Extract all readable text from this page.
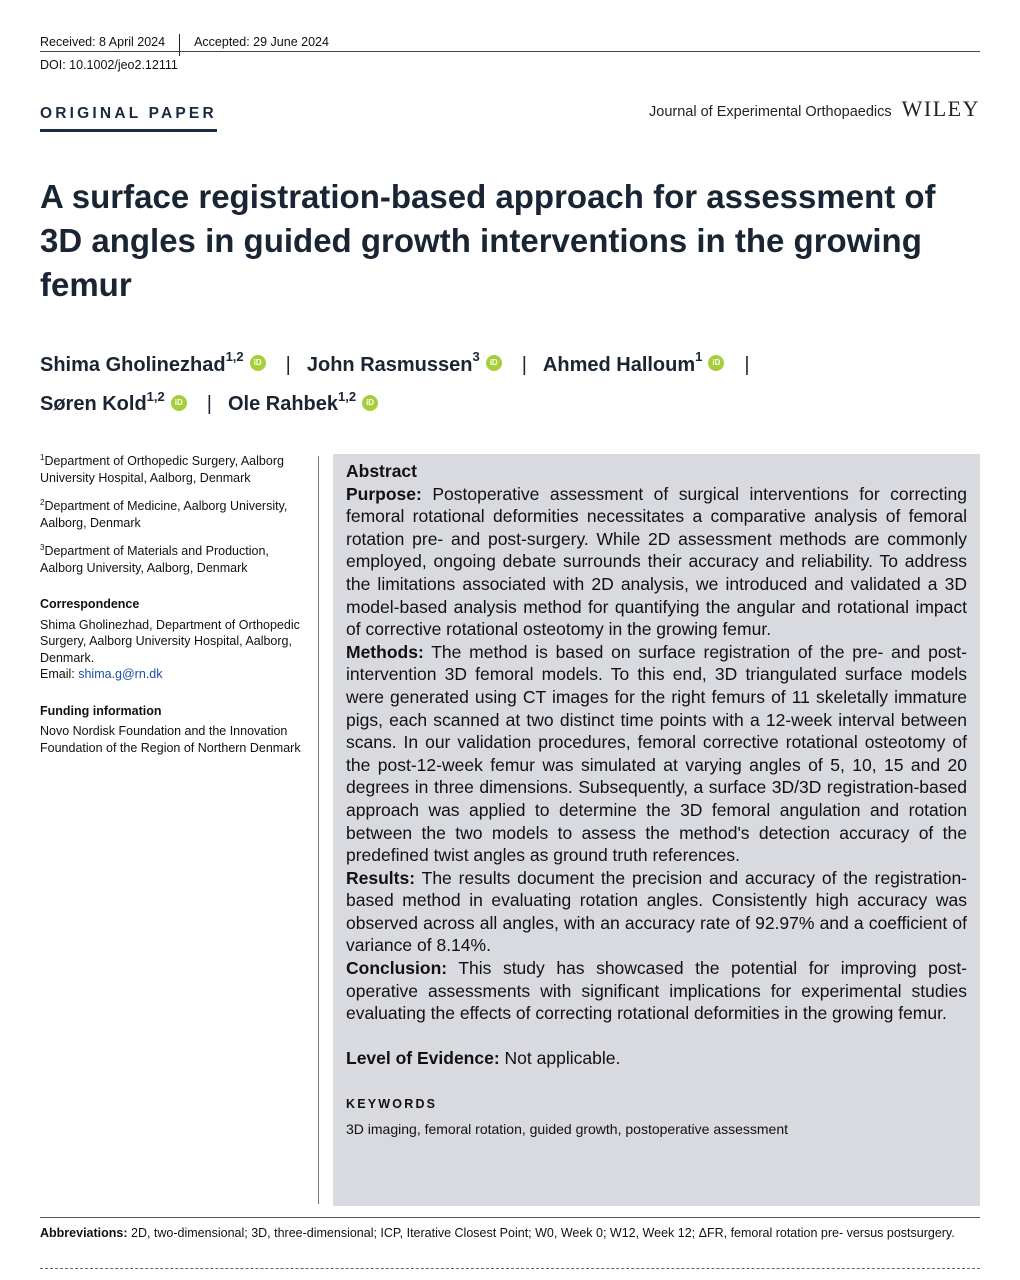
Received: 8 April 2024 Accepted: 29 June 2024
DOI: 10.1002/jeo2.12111
ORIGINAL PAPER	Journal of Experimental Orthopaedics WILEY
A surface registration‐based approach for assessment of 3D angles in guided growth interventions in the growing femur
Shima Gholinezhad$^{1,2}$ iD | John Rasmussen$^3$ iD | Ahmed Halloum$^1$ iD |
Søren Kold$^{1,2}$ iD | Ole Rahbek$^{1,2}$ iD

$^1$Department of Orthopedic Surgery, Aalborg University Hospital, Aalborg, Denmark

$^2$Department of Medicine, Aalborg University, Aalborg, Denmark

$^3$Department of Materials and Production, Aalborg University, Aalborg, Denmark

Correspondence

Shima Gholinezhad, Department of Orthopedic Surgery, Aalborg University Hospital, Aalborg, Denmark.

Email: shima.g@rn.dk

Funding information

Novo Nordisk Foundation and the Innovation Foundation of the Region of Northern Denmark

Abstract

Purpose: Postoperative assessment of surgical interventions for correcting femoral rotational deformities necessitates a comparative analysis of femoral rotation pre‐ and post‐surgery. While 2D assessment methods are commonly employed, ongoing debate surrounds their accuracy and reliability. To address the limitations associated with 2D analysis, we introduced and validated a 3D model‐based analysis method for quantifying the angular and rotational impact of corrective rotational osteotomy in the growing femur.

Methods: The method is based on surface registration of the pre‐ and post‐intervention 3D femoral models. To this end, 3D triangulated surface models were generated using CT images for the right femurs of 11 skeletally immature pigs, each scanned at two distinct time points with a 12‐week interval between scans. In our validation procedures, femoral corrective rotational osteotomy of the post‐12‐week femur was simulated at varying angles of 5, 10, 15 and 20 degrees in three dimensions. Subsequently, a surface 3D/3D registration‐based approach was applied to determine the 3D femoral angulation and rotation between the two models to assess the method's detection accuracy of the predefined twist angles as ground truth references.

Results: The results document the precision and accuracy of the registration‐based method in evaluating rotation angles. Consistently high accuracy was observed across all angles, with an accuracy rate of 92.97% and a coefficient of variance of 8.14%.

Conclusion: This study has showcased the potential for improving post‐operative assessments with significant implications for experimental studies evaluating the effects of correcting rotational deformities in the growing femur.

Level of Evidence: Not applicable.

KEYWORDS

3D imaging, femoral rotation, guided growth, postoperative assessment

Abbreviations: 2D, two‐dimensional; 3D, three‐dimensional; ICP, Iterative Closest Point; W0, Week 0; W12, Week 12; ΔFR, femoral rotation pre‐ versus postsurgery.
